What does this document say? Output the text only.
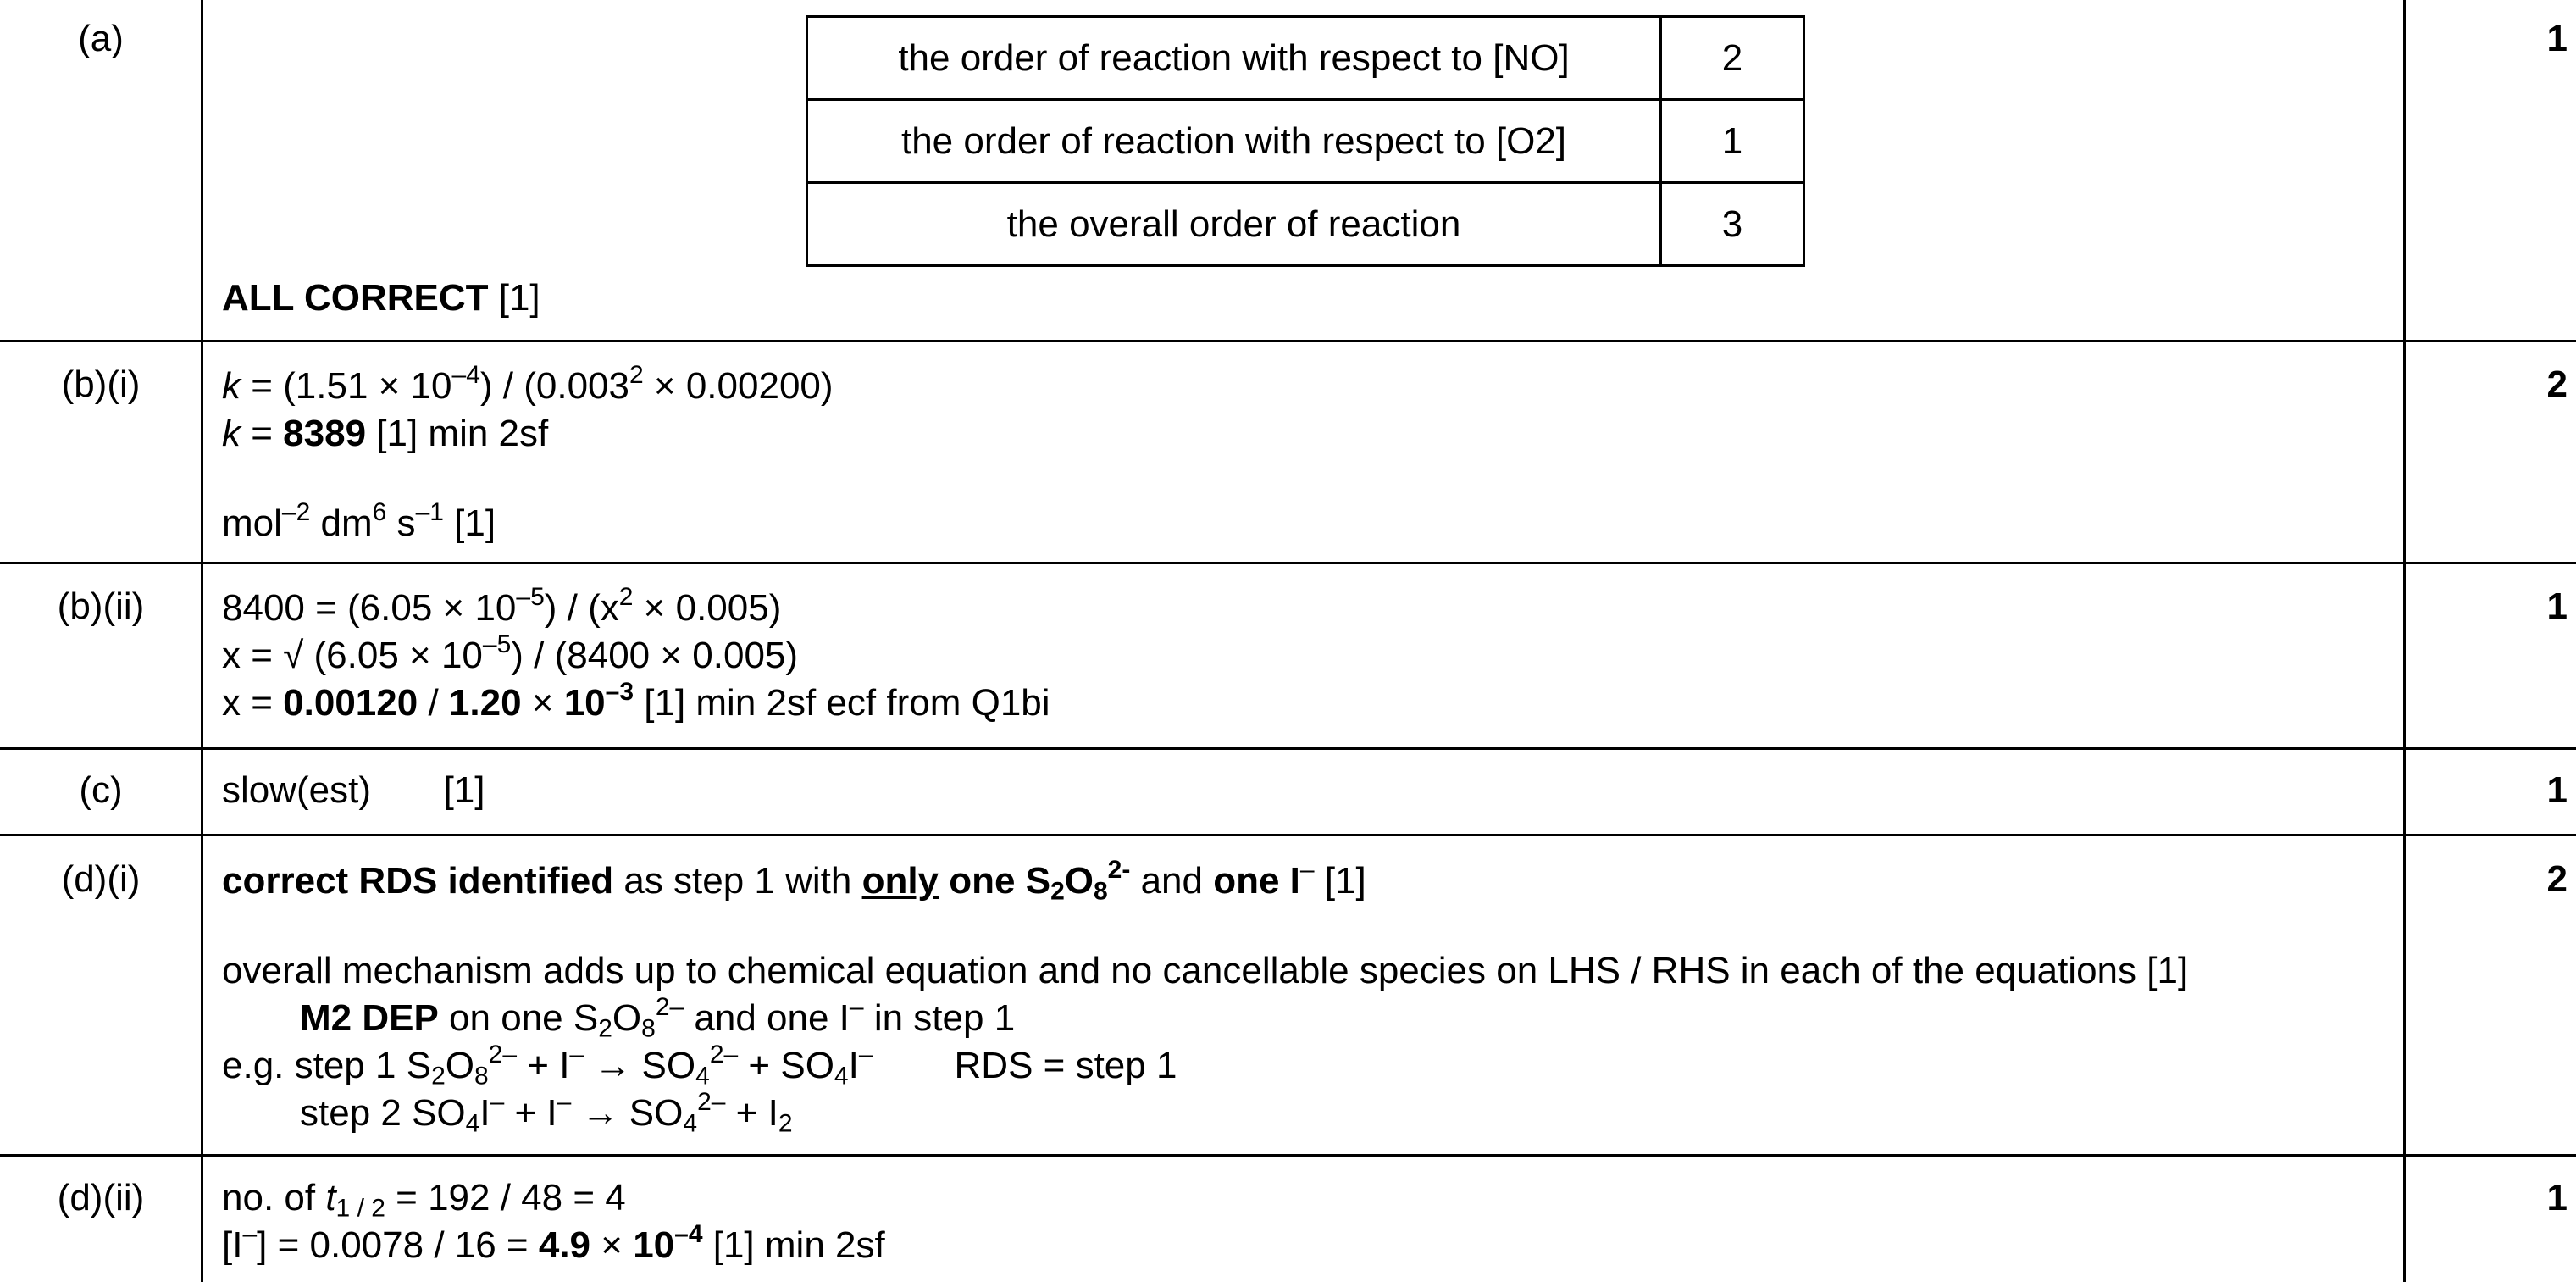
(a)	1
the order of reaction with respect to [NO]	2
the order of reaction with respect to [O2]	1
the overall order of reaction	3
ALL CORRECT [1]
(b)(i)	2
$k = (1.51 \times 10^{-4}) / (0.003^2 \times 0.00200)$
k = 8389 [1] min 2sf
mol$^{-2}$ $dm^6$ $s^{-1}$ [1]
(b)(ii)	1
$8400 = (6.05 \times 10^{-5}) / (x^2 \times 0.005)$
x = √ $(6.05 \times 10^{-5}) / (8400 \times 0.005)$
$x = 0.00120 / 1.20 \times 10^{-3}$ [1] min 2sf ecf from Q1bi
(c)	1
slow(est)       [1]
(d)(i)	2
correct RDS identified as step 1 with only one $S_2O_8^{2-}$ and one I– [1]
overall mechanism adds up to chemical equation and no cancellable species on LHS / RHS in each of the equations [1]
M2 DEP on one $S_2O_8^{2-}$ and one I– in step 1
e.g. step 1 $S_2O_8^{2-} + I^- \to SO_4^{2-} + SO_4I^-$ RDS = step 1
step 2 $SO_4I^- + I^- \to SO_4^{2-} + I_2$
(d)(ii)	1
no. of $t_{1 / 2} = 192 / 48 = 4$
$[I^-] = 0.0078 / 16 = 4.9 \times 10^{-4}$ [1] min 2sf
